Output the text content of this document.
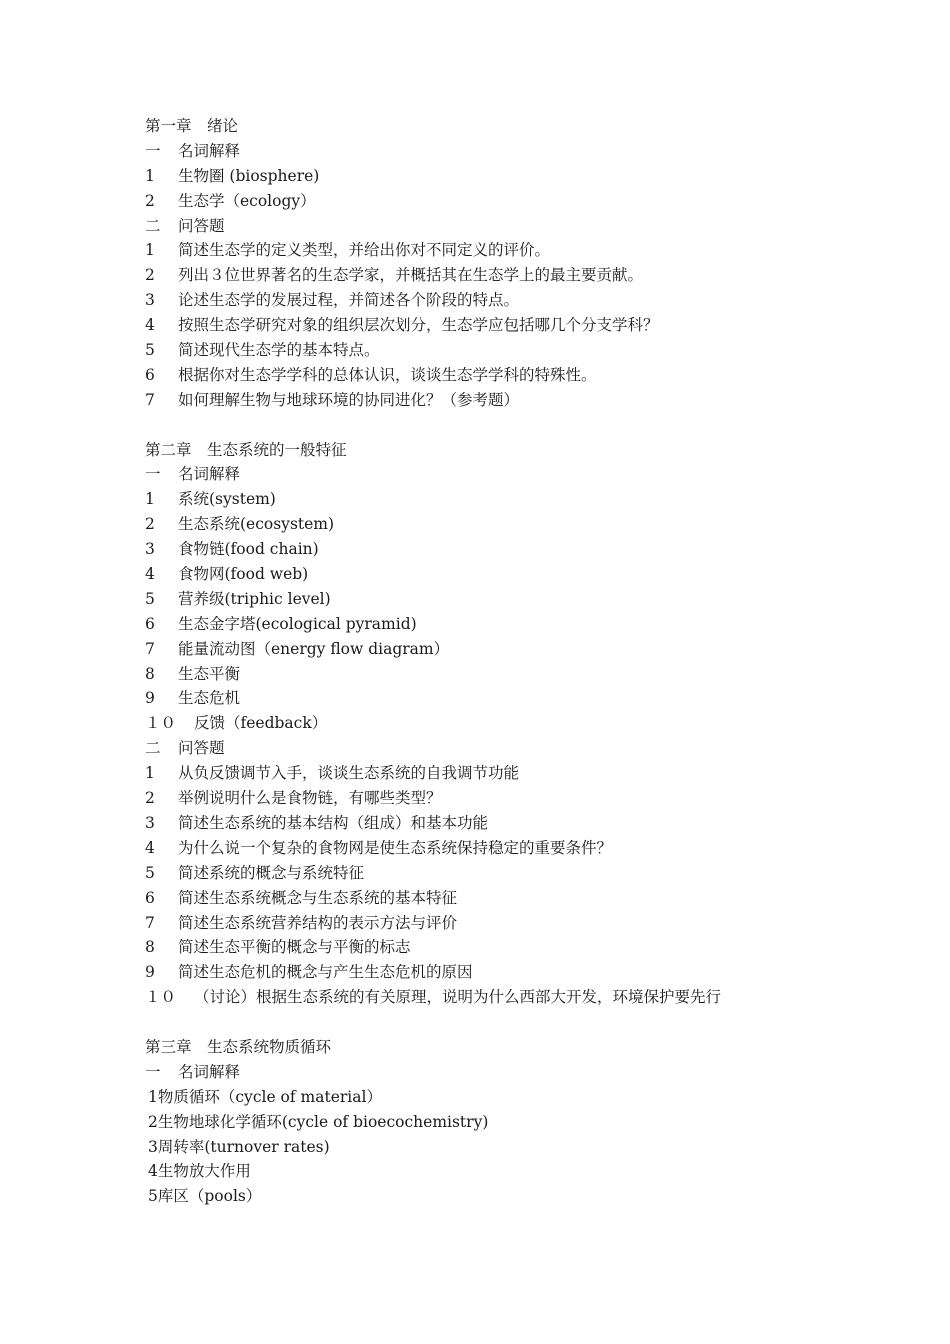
第一章　绪论
一 名词解释
1 生物圈 (biosphere)
2 生态学（ecology）
二 问答题
1 简述生态学的定义类型，并给出你对不同定义的评价。
2 列出３位世界著名的生态学家，并概括其在生态学上的最主要贡献。
3 论述生态学的发展过程，并简述各个阶段的特点。
4 按照生态学研究对象的组织层次划分，生态学应包括哪几个分支学科？
5 简述现代生态学的基本特点。
6 根据你对生态学学科的总体认识，谈谈生态学学科的特殊性。
7 如何理解生物与地球环境的协同进化？（参考题）
第二章　生态系统的一般特征
一 名词解释
1 系统(system)
2 生态系统(ecosystem)
3 食物链(food chain)
4 食物网(food web)
5 营养级(triphic level)
6 生态金字塔(ecological pyramid)
7 能量流动图（energy flow diagram）
8 生态平衡
9 生态危机
１０ 反馈（feedback）
二 问答题
1 从负反馈调节入手，谈谈生态系统的自我调节功能
2 举例说明什么是食物链，有哪些类型？
3 简述生态系统的基本结构（组成）和基本功能
4 为什么说一个复杂的食物网是使生态系统保持稳定的重要条件？
5 简述系统的概念与系统特征
6 简述生态系统概念与生态系统的基本特征
7 简述生态系统营养结构的表示方法与评价
8 简述生态平衡的概念与平衡的标志
9 简述生态危机的概念与产生生态危机的原因
１０ （讨论）根据生态系统的有关原理，说明为什么西部大开发，环境保护要先行
第三章　生态系统物质循环
一 名词解释
1物质循环（cycle of material）
2生物地球化学循环(cycle of bioecochemistry)
3周转率(turnover rates)
4生物放大作用
5库区（pools）
